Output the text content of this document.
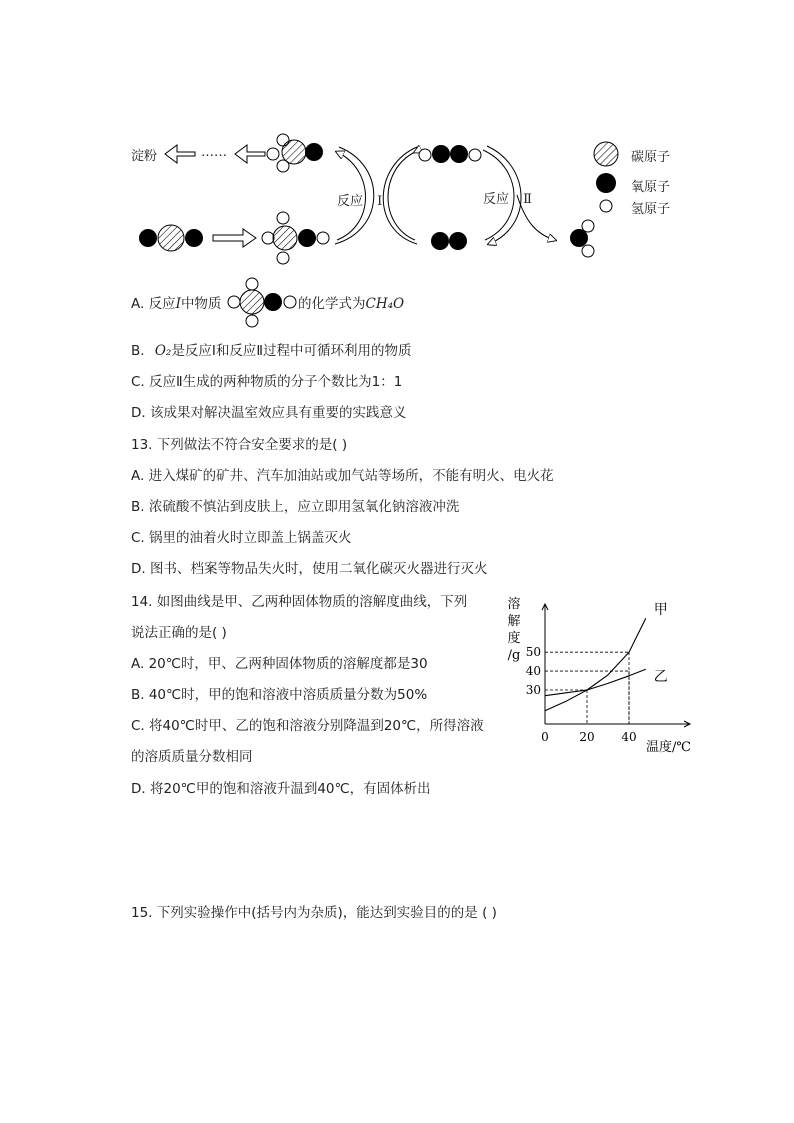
淀粉	……
反应 Ⅰ	反应 Ⅱ
碳原子
氧原子
氢原子
A. 反应I中物质	的化学式为CH₄O
B. O₂是反应Ⅰ和反应Ⅱ过程中可循环利用的物质
C. 反应Ⅱ生成的两种物质的分子个数比为1：1
D. 该成果对解决温室效应具有重要的实践意义
13. 下列做法不符合安全要求的是( )
A. 进入煤矿的矿井、汽车加油站或加气站等场所，不能有明火、电火花
B. 浓硫酸不慎沾到皮肤上，应立即用氢氧化钠溶液冲洗
C. 锅里的油着火时立即盖上锅盖灭火
D. 图书、档案等物品失火时，使用二氧化碳灭火器进行灭火
14. 如图曲线是甲、乙两种固体物质的溶解度曲线，下列
说法正确的是( )
A. 20℃时，甲、乙两种固体物质的溶解度都是30
B. 40℃时，甲的饱和溶液中溶质质量分数为50%
C. 将40℃时甲、乙的饱和溶液分别降温到20℃，所得溶液
的溶质质量分数相同
D. 将20℃甲的饱和溶液升温到40℃，有固体析出
甲
乙
0	20 40
30
40
50
溶
解
度
/g
温度/℃
15. 下列实验操作中(括号内为杂质)，能达到实验目的的是 ( )
